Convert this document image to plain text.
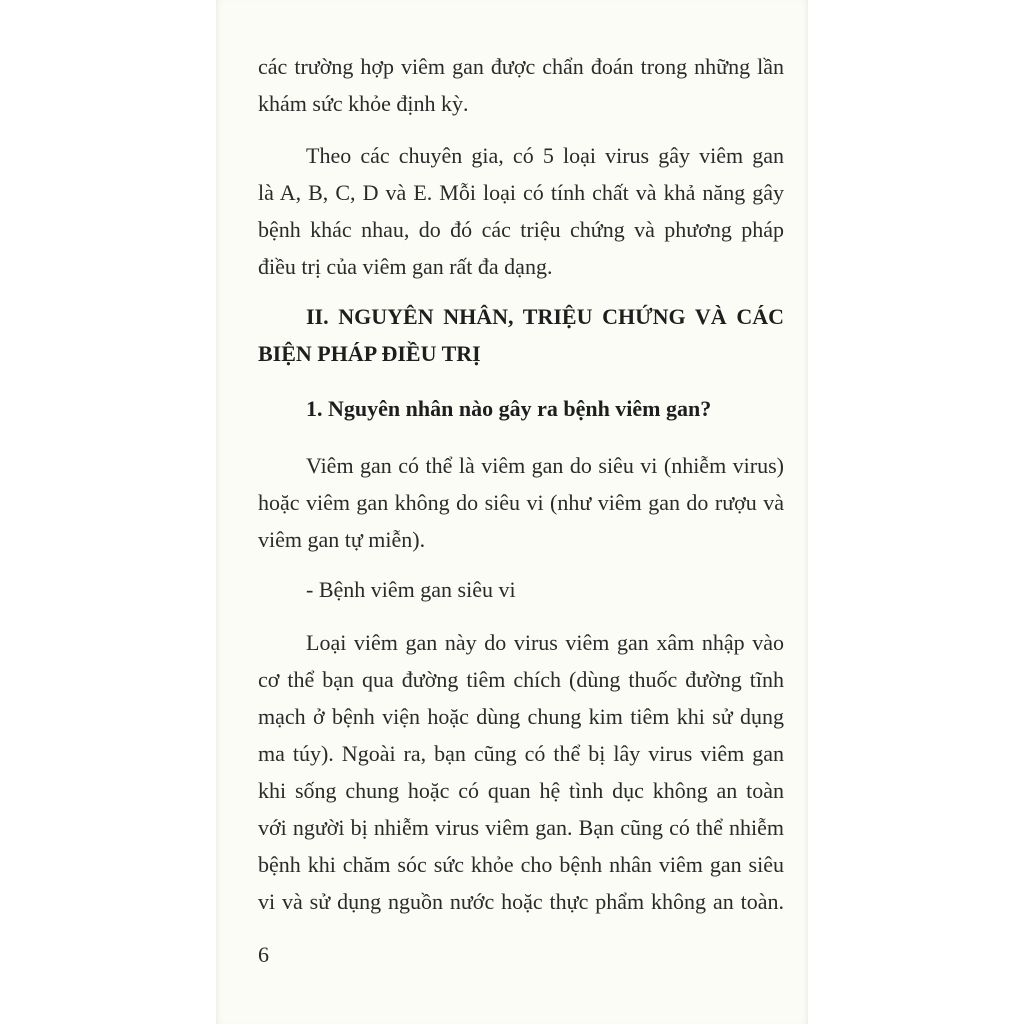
các trường hợp viêm gan được chẩn đoán trong những lần
khám sức khỏe định kỳ.
Theo các chuyên gia, có 5 loại virus gây viêm gan
là A, B, C, D và E. Mỗi loại có tính chất và khả năng gây
bệnh khác nhau, do đó các triệu chứng và phương pháp
điều trị của viêm gan rất đa dạng.
II. NGUYÊN NHÂN, TRIỆU CHỨNG VÀ CÁC
BIỆN PHÁP ĐIỀU TRỊ
1. Nguyên nhân nào gây ra bệnh viêm gan?
Viêm gan có thể là viêm gan do siêu vi (nhiễm virus)
hoặc viêm gan không do siêu vi (như viêm gan do rượu và
viêm gan tự miễn).
- Bệnh viêm gan siêu vi
Loại viêm gan này do virus viêm gan xâm nhập vào
cơ thể bạn qua đường tiêm chích (dùng thuốc đường tĩnh
mạch ở bệnh viện hoặc dùng chung kim tiêm khi sử dụng
ma túy). Ngoài ra, bạn cũng có thể bị lây virus viêm gan
khi sống chung hoặc có quan hệ tình dục không an toàn
với người bị nhiễm virus viêm gan. Bạn cũng có thể nhiễm
bệnh khi chăm sóc sức khỏe cho bệnh nhân viêm gan siêu
vi và sử dụng nguồn nước hoặc thực phẩm không an toàn.
6
